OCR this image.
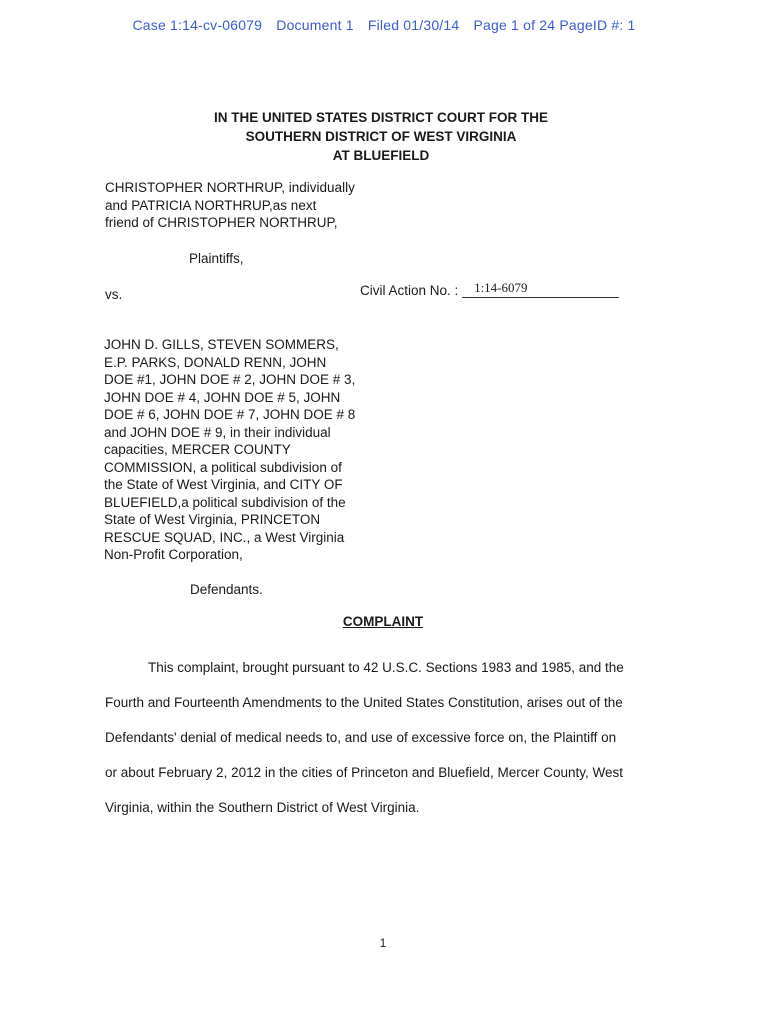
Case 1:14-cv-06079 Document 1 Filed 01/30/14 Page 1 of 24 PageID #: 1
IN THE UNITED STATES DISTRICT COURT FOR THE
SOUTHERN DISTRICT OF WEST VIRGINIA
AT BLUEFIELD
CHRISTOPHER NORTHRUP, individually
and PATRICIA NORTHRUP,as next
friend of CHRISTOPHER NORTHRUP,
Plaintiffs,
vs.	Civil Action No. : 1:14-6079
JOHN D. GILLS, STEVEN SOMMERS,
E.P. PARKS, DONALD RENN, JOHN
DOE #1, JOHN DOE # 2, JOHN DOE # 3,
JOHN DOE # 4, JOHN DOE # 5, JOHN
DOE # 6, JOHN DOE # 7, JOHN DOE # 8
and JOHN DOE # 9, in their individual
capacities, MERCER COUNTY
COMMISSION, a political subdivision of
the State of West Virginia, and CITY OF
BLUEFIELD,a political subdivision of the
State of West Virginia, PRINCETON
RESCUE SQUAD, INC., a West Virginia
Non-Profit Corporation,
Defendants.
COMPLAINT
This complaint, brought pursuant to 42 U.S.C. Sections 1983 and 1985, and the
Fourth and Fourteenth Amendments to the United States Constitution, arises out of the
Defendants' denial of medical needs to, and use of excessive force on, the Plaintiff on
or about February 2, 2012 in the cities of Princeton and Bluefield, Mercer County, West
Virginia, within the Southern District of West Virginia.
1
